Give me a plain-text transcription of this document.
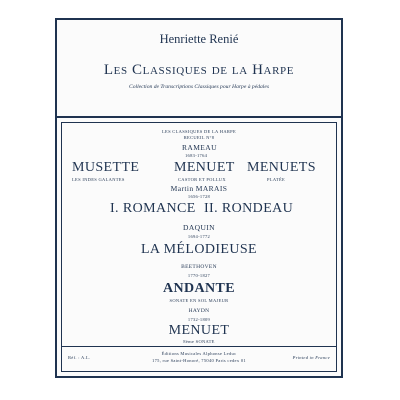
Henriette Renié
Les Classiques de la Harpe
Collection de Transcriptions Classiques pour Harpe à pédales
LES CLASSIQUES DE LA HARPE
RECUEIL N°8
RAMEAU
1683-1764
MUSETTE
LES INDES GALANTES
MENUET
CASTOR ET POLLUX
MENUETS
PLATÉE
Martin MARAIS
1656-1728
I. ROMANCE II. RONDEAU
DAQUIN
1694-1772
LA MÉLODIEUSE
BEETHOVEN
1770-1827
ANDANTE
SONATE EN SOL MAJEUR
HAYDN
1732-1809
MENUET
8ème SONATE
Réf. : A.L.
Éditions Musicales Alphonse Leduc
175, rue Saint-Honoré, 75040 Paris cedex 01
Printed in France
